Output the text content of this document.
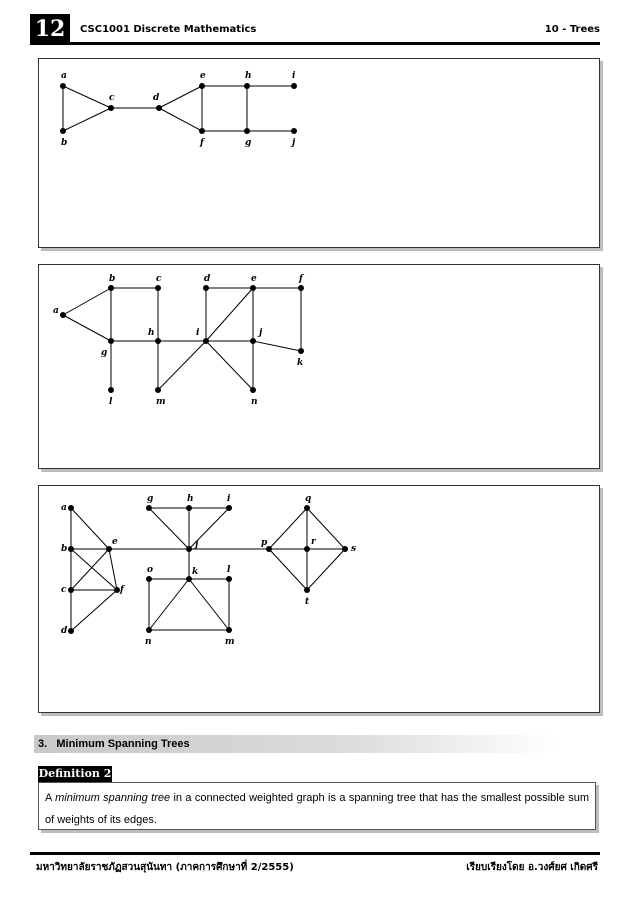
12	CSC1001 Discrete Mathematics	10 - Trees
a
b
c	d
e
f	g
h	i
j
a
b	c	d	e	f
g
h	i	j
k
l	m	n
a
b
c
d
e
f
g	h	i
j
k	l
m
n
o
p
q
r
s
t
3. Minimum Spanning Trees
Definition 2
A minimum spanning tree in a connected weighted graph is a spanning tree that has the smallest possible sum of weights of its edges.
มหาวิทยาลัยราชภัฏสวนสุนันทา (ภาคการศึกษาที่ 2/2555)	เรียบเรียงโดย อ.วงศ์ยศ เกิดศรี
